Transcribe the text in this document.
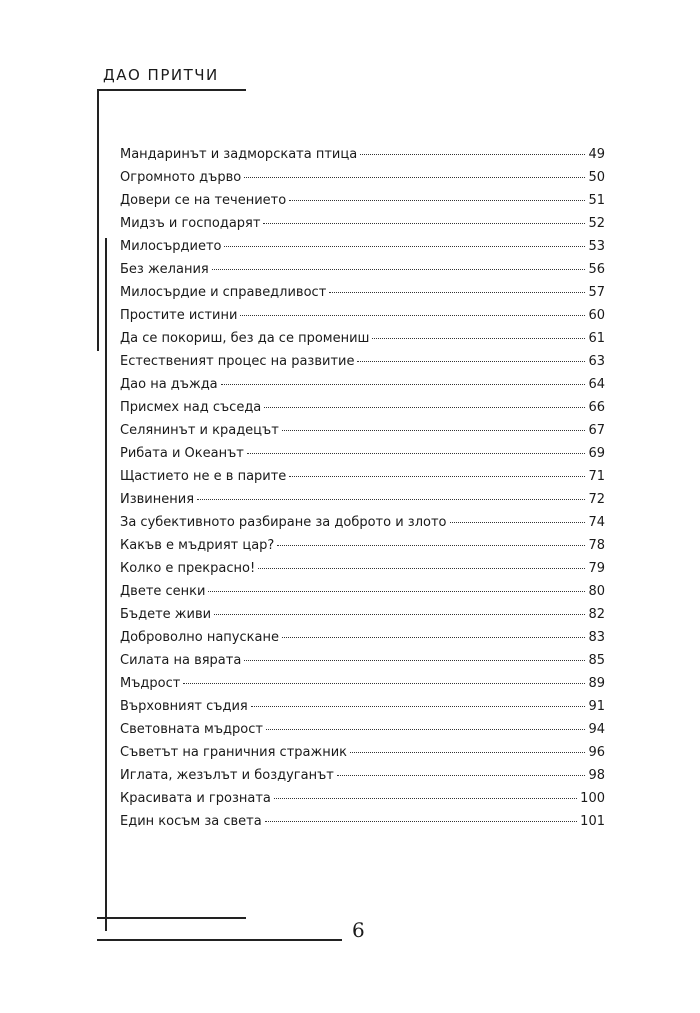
ДАО ПРИТЧИ
Мандаринът и задморската птица	49
Огромното дърво	50
Довери се на течението	51
Мидзъ и господарят	52
Милосърдието	53
Без желания	56
Милосърдие и справедливост	57
Простите истини	60
Да се покориш, без да се промениш	61
Естественият процес на развитие	63
Дао на дъжда	64
Присмех над съседа	66
Селянинът и крадецът	67
Рибата и Океанът	69
Щастието не е в парите	71
Извинения	72
За субективното разбиране за доброто и злото	74
Какъв е мъдрият цар?	78
Колко е прекрасно!	79
Двете сенки	80
Бъдете живи	82
Доброволно напускане	83
Силата на вярата	85
Мъдрост	89
Върховният съдия	91
Световната мъдрост	94
Съветът на граничния стражник	96
Иглата, жезълът и боздуганът	98
Красивата и грозната	100
Един косъм за света	101
6
